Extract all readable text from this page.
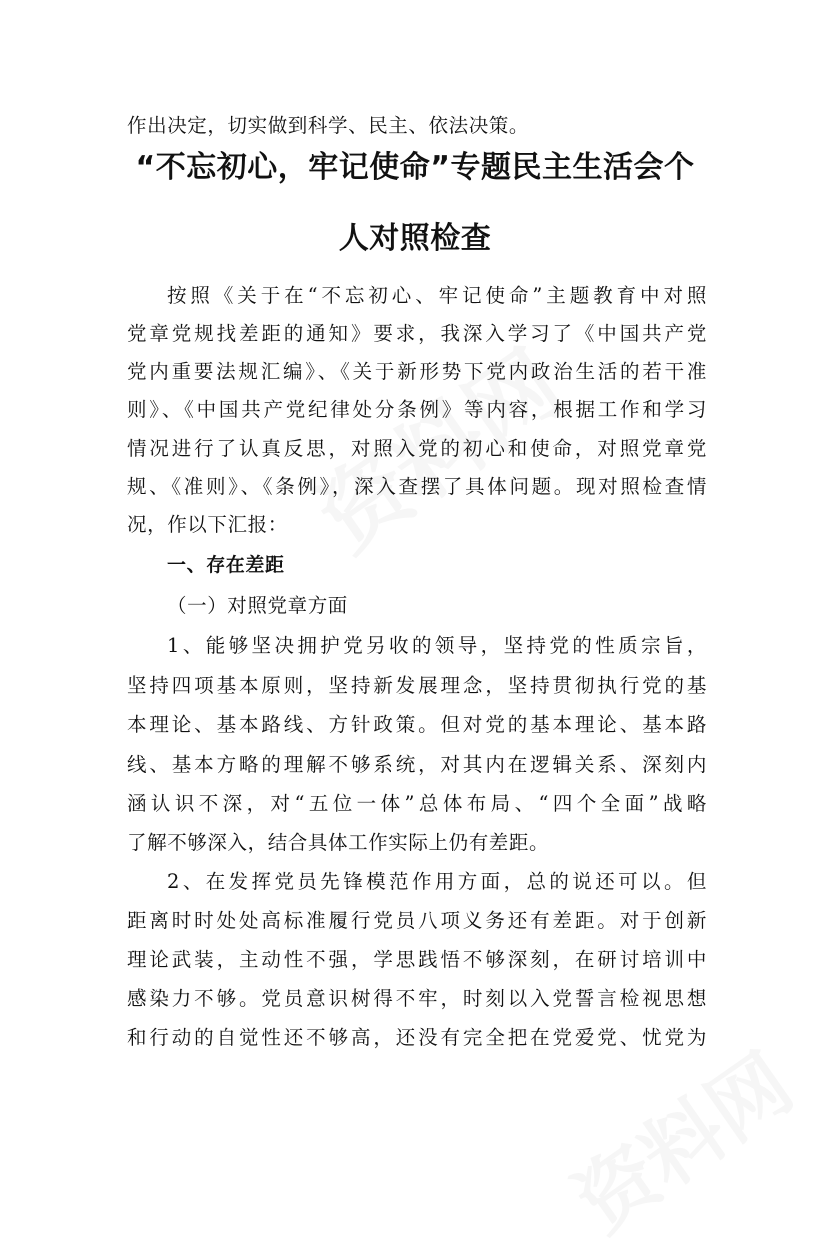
作出决定，切实做到科学、民主、依法决策。
“不忘初心，牢记使命”专题民主生活会个
人对照检查
按照《关于在“不忘初心、牢记使命”主题教育中对照
党章党规找差距的通知》要求，我深入学习了《中国共产党
党内重要法规汇编》、《关于新形势下党内政治生活的若干准
则》、《中国共产党纪律处分条例》等内容，根据工作和学习
情况进行了认真反思，对照入党的初心和使命，对照党章党
规、《准则》、《条例》，深入查摆了具体问题。现对照检查情
况，作以下汇报：
一、存在差距
（一）对照党章方面
1、能够坚决拥护党另收的领导，坚持党的性质宗旨，
坚持四项基本原则，坚持新发展理念，坚持贯彻执行党的基
本理论、基本路线、方针政策。但对党的基本理论、基本路
线、基本方略的理解不够系统，对其内在逻辑关系、深刻内
涵认识不深，对“五位一体”总体布局、“四个全面”战略
了解不够深入，结合具体工作实际上仍有差距。
2、在发挥党员先锋模范作用方面，总的说还可以。但
距离时时处处高标准履行党员八项义务还有差距。对于创新
理论武装，主动性不强，学思践悟不够深刻，在研讨培训中
感染力不够。党员意识树得不牢，时刻以入党誓言检视思想
和行动的自觉性还不够高，还没有完全把在党爱党、忧党为
